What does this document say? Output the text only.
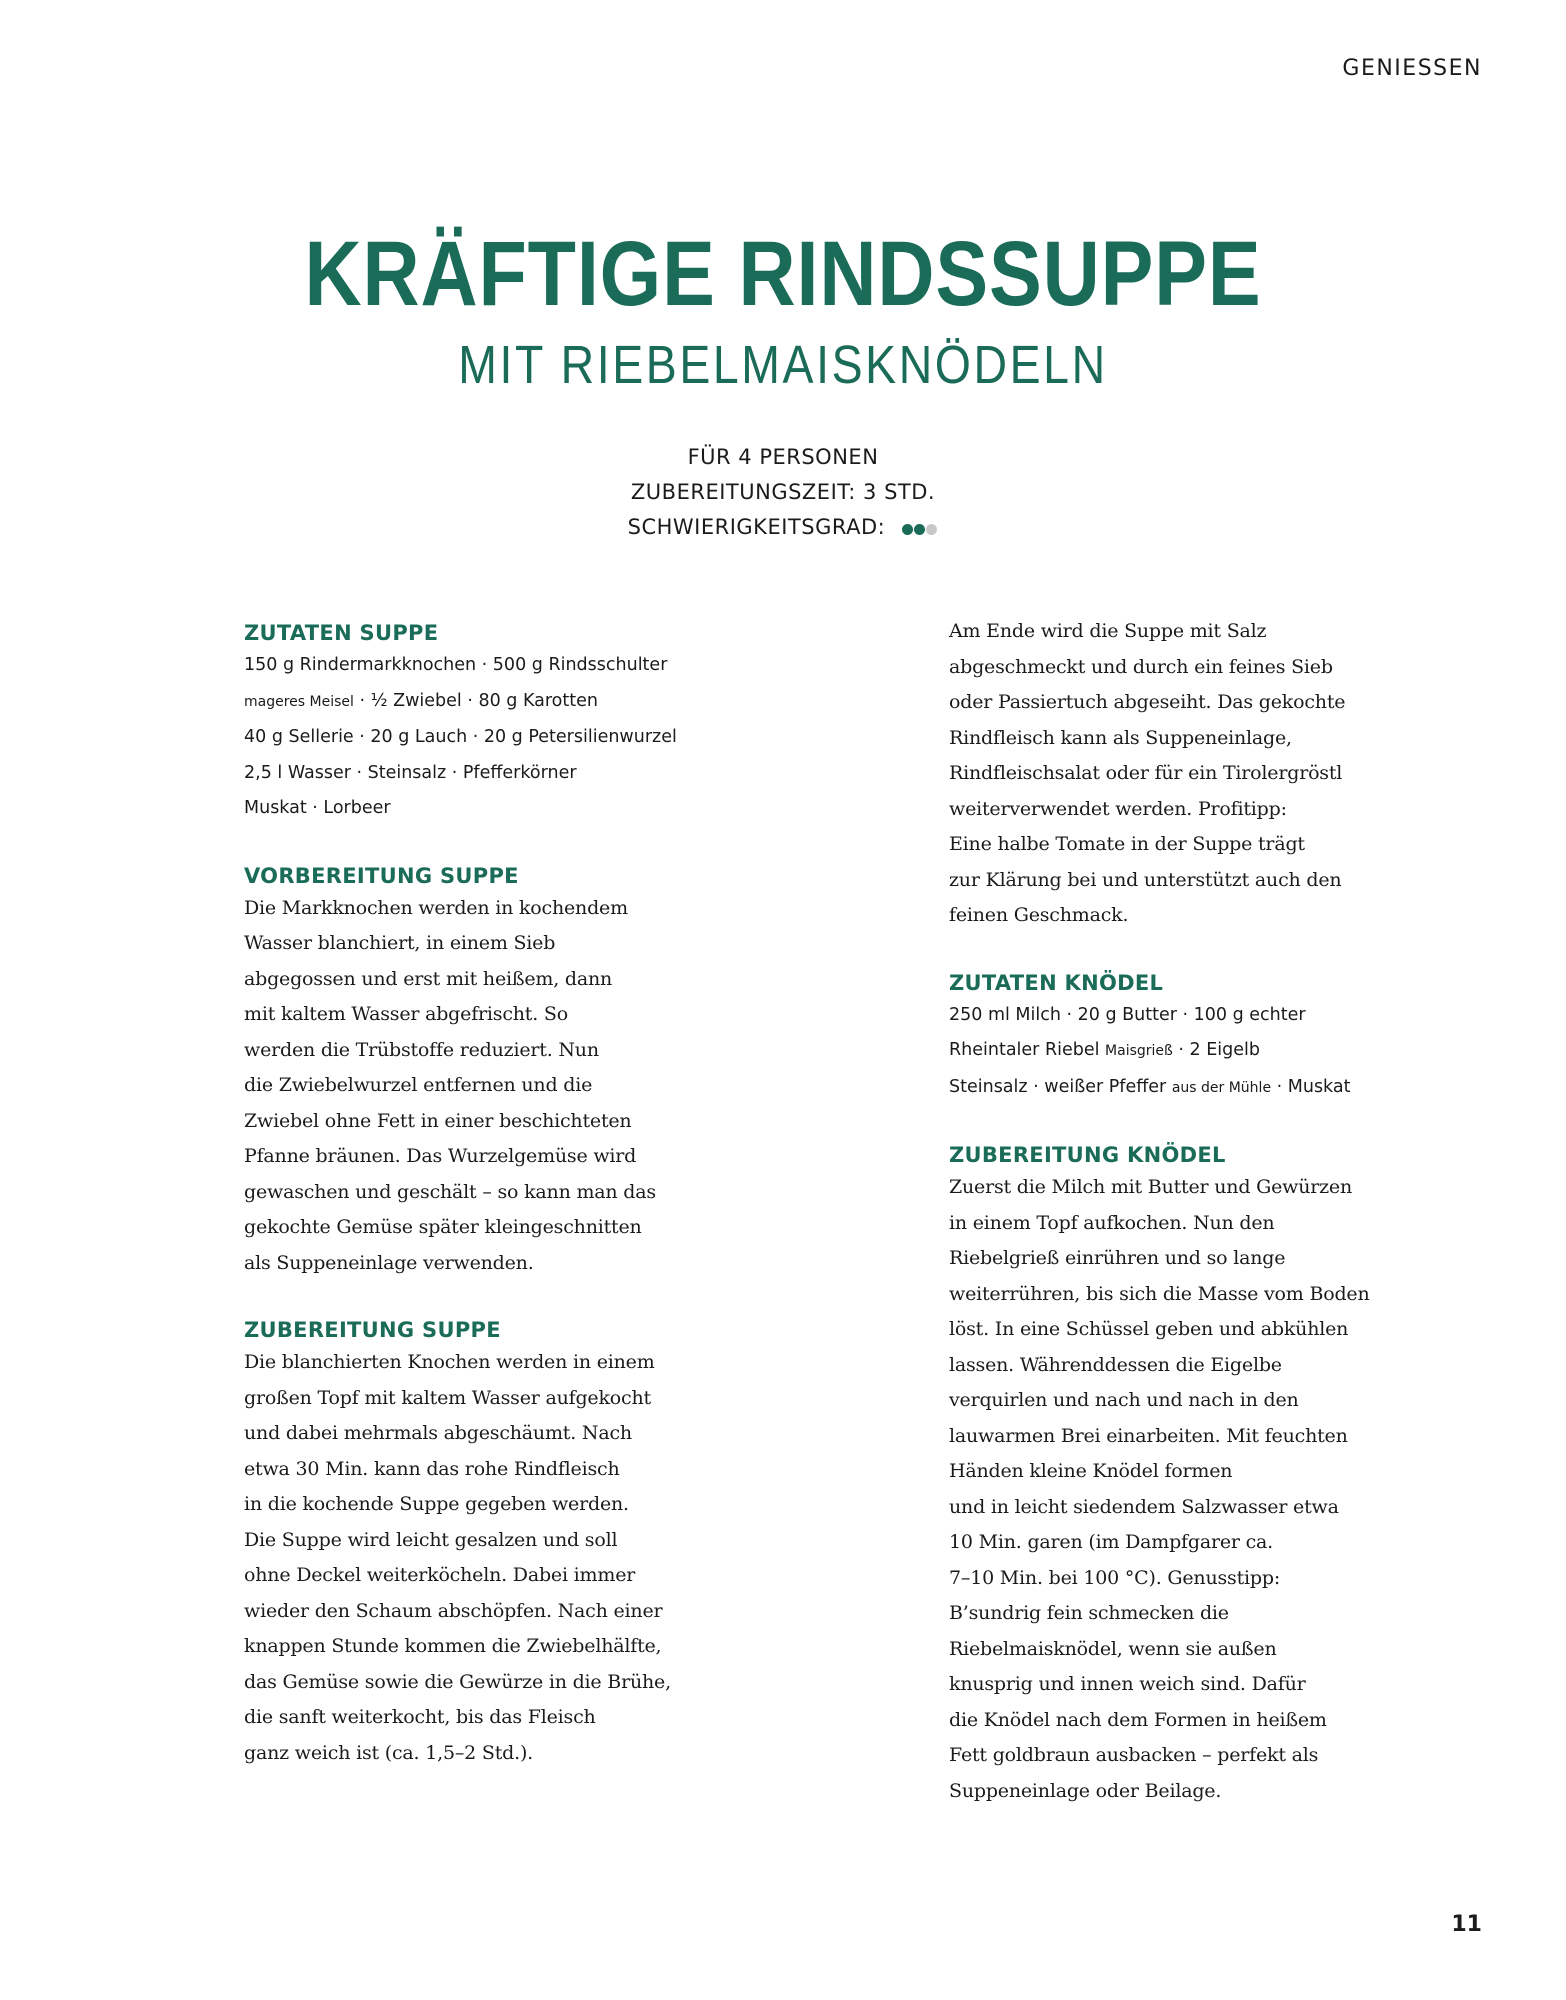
GENIESSEN
KRÄFTIGE RINDSSUPPE
MIT RIEBELMAISKNÖDELN
FÜR 4 PERSONEN
ZUBEREITUNGSZEIT: 3 STD.
SCHWIERIGKEITSGRAD:
ZUTATEN SUPPE
150 g Rindermarkknochen · 500 g Rindsschulter
mageres Meisel · ½ Zwiebel · 80 g Karotten
40 g Sellerie · 20 g Lauch · 20 g Petersilienwurzel
2,5 l Wasser · Steinsalz · Pfefferkörner
Muskat · Lorbeer
VORBEREITUNG SUPPE
Die Markknochen werden in kochendem
Wasser blanchiert, in einem Sieb
abgegossen und erst mit heißem, dann
mit kaltem Wasser abgefrischt. So
werden die Trübstoffe reduziert. Nun
die Zwiebelwurzel entfernen und die
Zwiebel ohne Fett in einer beschichteten
Pfanne bräunen. Das Wurzelgemüse wird
gewaschen und geschält – so kann man das
gekochte Gemüse später kleingeschnitten
als Suppeneinlage verwenden.
ZUBEREITUNG SUPPE
Die blanchierten Knochen werden in einem
großen Topf mit kaltem Wasser aufgekocht
und dabei mehrmals abgeschäumt. Nach
etwa 30 Min. kann das rohe Rindfleisch
in die kochende Suppe gegeben werden.
Die Suppe wird leicht gesalzen und soll
ohne Deckel weiterköcheln. Dabei immer
wieder den Schaum abschöpfen. Nach einer
knappen Stunde kommen die Zwiebelhälfte,
das Gemüse sowie die Gewürze in die Brühe,
die sanft weiterkocht, bis das Fleisch
ganz weich ist (ca. 1,5–2 Std.).
Am Ende wird die Suppe mit Salz
abgeschmeckt und durch ein feines Sieb
oder Passiertuch abgeseiht. Das gekochte
Rindfleisch kann als Suppeneinlage,
Rindfleischsalat oder für ein Tirolergröstl
weiterverwendet werden. Profitipp:
Eine halbe Tomate in der Suppe trägt
zur Klärung bei und unterstützt auch den
feinen Geschmack.
ZUTATEN KNÖDEL
250 ml Milch · 20 g Butter · 100 g echter
Rheintaler Riebel Maisgrieß · 2 Eigelb
Steinsalz · weißer Pfeffer aus der Mühle · Muskat
ZUBEREITUNG KNÖDEL
Zuerst die Milch mit Butter und Gewürzen
in einem Topf aufkochen. Nun den
Riebelgrieß einrühren und so lange
weiterrühren, bis sich die Masse vom Boden
löst. In eine Schüssel geben und abkühlen
lassen. Währenddessen die Eigelbe
verquirlen und nach und nach in den
lauwarmen Brei einarbeiten. Mit feuchten
Händen kleine Knödel formen
und in leicht siedendem Salzwasser etwa
10 Min. garen (im Dampfgarer ca.
7–10 Min. bei 100 °C). Genusstipp:
B’sundrig fein schmecken die
Riebelmaisknödel, wenn sie außen
knusprig und innen weich sind. Dafür
die Knödel nach dem Formen in heißem
Fett goldbraun ausbacken – perfekt als
Suppeneinlage oder Beilage.
11
